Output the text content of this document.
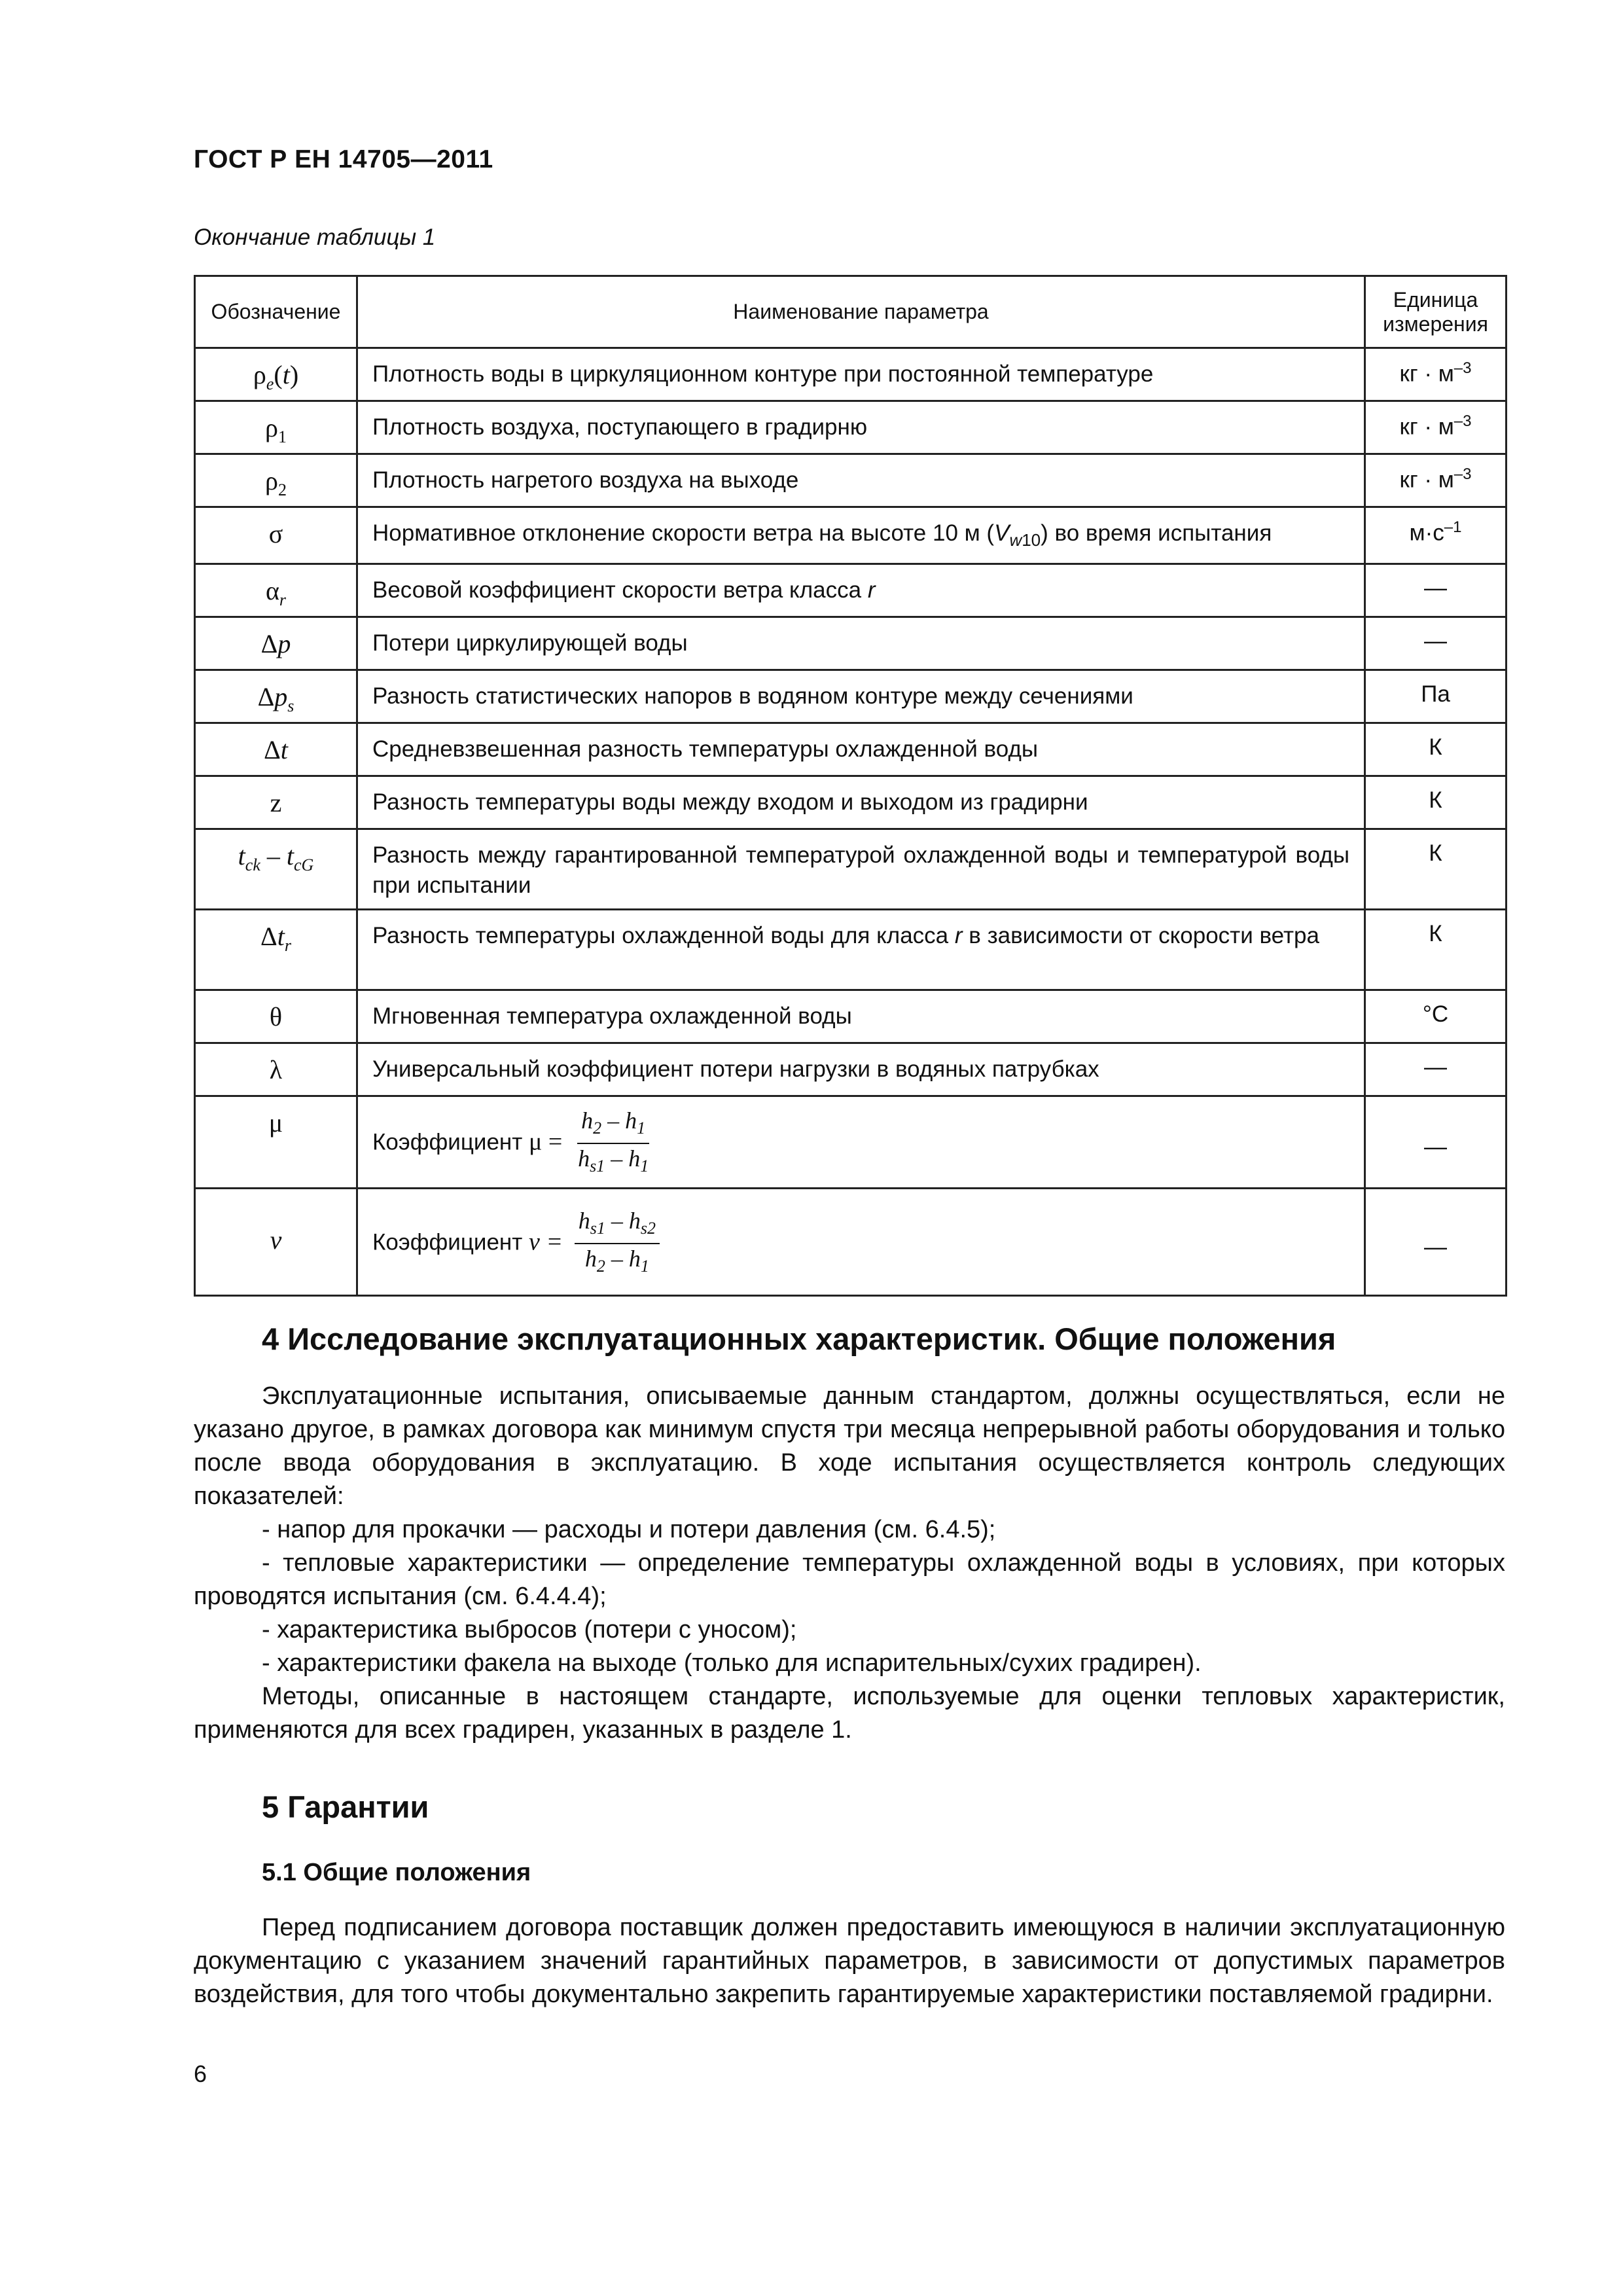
ГОСТ Р ЕН 14705—2011
Окончание таблицы 1
Обозначение	Наименование параметра	Единица измерения
$\rho_e(t)$	Плотность воды в циркуляционном контуре при постоянной температуре	кг · $м^{-3}$
$\rho_1$	Плотность воздуха, поступающего в градирню	кг · $м^{-3}$
$\rho_2$	Плотность нагретого воздуха на выходе	кг · $м^{-3}$
σ	Нормативное отклонение скорости ветра на высоте 10 м $(V_{w10})$ во время испытания	$м\cdot с^{-1}$
$\alpha_r$	Весовой коэффициент скорости ветра класса r	—
Δp	Потери циркулирующей воды	—
$\Delta p_s$	Разность статистических напоров в водяном контуре между сечениями	Па
Δt	Средневзвешенная разность температуры охлажденной воды	К
z	Разность температуры воды между входом и выходом из градирни	К
$t_{ck} - t_{cG}$	Разность между гарантированной температурой охлажденной воды и температурой воды при испытании	К
$\Delta t_r$	Разность температуры охлажденной воды для класса r в зависимости от скорости ветра	К
θ	Мгновенная температура охлажденной воды	°С
λ	Универсальный коэффициент потери нагрузки в водяных патрубках	—
μ	Коэффициент $\mu = \frac{h_2 - h_1}{h_{s1} - h_1}$	—
v	Коэффициент $v = \frac{h_{s1} - h_{s2}}{h_2 - h_1}$	—
4 Исследование эксплуатационных характеристик. Общие положения

Эксплуатационные испытания, описываемые данным стандартом, должны осуществляться, если не указано другое, в рамках договора как минимум спустя три месяца непрерывной работы оборудования и только после ввода оборудования в эксплуатацию. В ходе испытания осуществляется контроль следующих показателей:

- напор для прокачки — расходы и потери давления (см. 6.4.5);

- тепловые характеристики — определение температуры охлажденной воды в условиях, при которых проводятся испытания (см. 6.4.4.4);

- характеристика выбросов (потери с уносом);

- характеристики факела на выходе (только для испарительных/сухих градирен).

Методы, описанные в настоящем стандарте, используемые для оценки тепловых характеристик, применяются для всех градирен, указанных в разделе 1.

5 Гарантии
5.1 Общие положения

Перед подписанием договора поставщик должен предоставить имеющуюся в наличии эксплуатационную документацию с указанием значений гарантийных параметров, в зависимости от допустимых параметров воздействия, для того чтобы документально закрепить гарантируемые характеристики поставляемой градирни.

6
